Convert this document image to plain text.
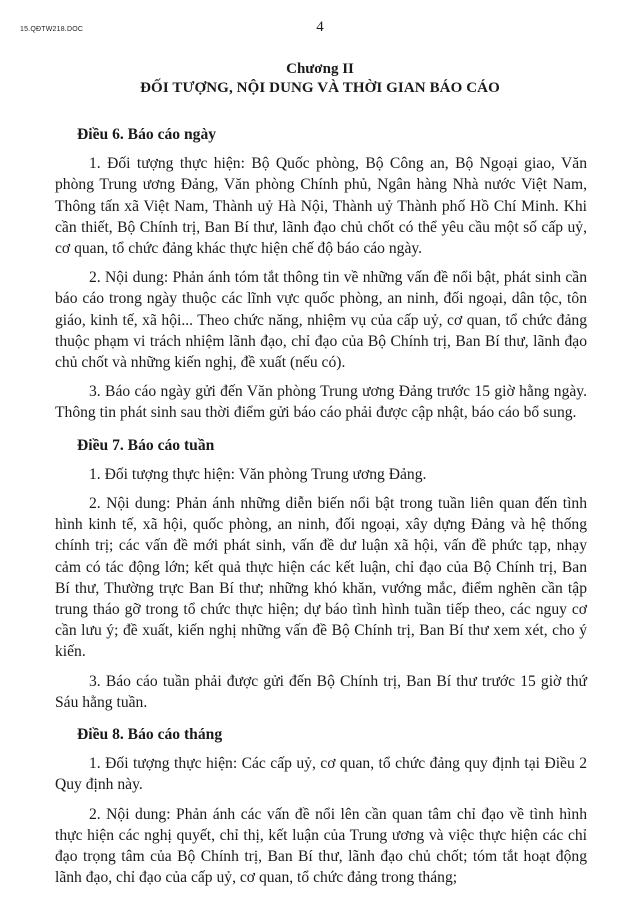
15.QĐTW218.DOC	4
Chương II
ĐỐI TƯỢNG, NỘI DUNG VÀ THỜI GIAN BÁO CÁO

Điều 6. Báo cáo ngày

1. Đối tượng thực hiện: Bộ Quốc phòng, Bộ Công an, Bộ Ngoại giao, Văn phòng Trung ương Đảng, Văn phòng Chính phủ, Ngân hàng Nhà nước Việt Nam, Thông tấn xã Việt Nam, Thành uỷ Hà Nội, Thành uỷ Thành phố Hồ Chí Minh. Khi cần thiết, Bộ Chính trị, Ban Bí thư, lãnh đạo chủ chốt có thể yêu cầu một số cấp uỷ, cơ quan, tổ chức đảng khác thực hiện chế độ báo cáo ngày.

2. Nội dung: Phản ánh tóm tắt thông tin về những vấn đề nổi bật, phát sinh cần báo cáo trong ngày thuộc các lĩnh vực quốc phòng, an ninh, đối ngoại, dân tộc, tôn giáo, kinh tế, xã hội... Theo chức năng, nhiệm vụ của cấp uỷ, cơ quan, tổ chức đảng thuộc phạm vi trách nhiệm lãnh đạo, chỉ đạo của Bộ Chính trị, Ban Bí thư, lãnh đạo chủ chốt và những kiến nghị, đề xuất (nếu có).

3. Báo cáo ngày gửi đến Văn phòng Trung ương Đảng trước 15 giờ hằng ngày. Thông tin phát sinh sau thời điểm gửi báo cáo phải được cập nhật, báo cáo bổ sung.

Điều 7. Báo cáo tuần

1. Đối tượng thực hiện: Văn phòng Trung ương Đảng.

2. Nội dung: Phản ánh những diễn biến nổi bật trong tuần liên quan đến tình hình kinh tế, xã hội, quốc phòng, an ninh, đối ngoại, xây dựng Đảng và hệ thống chính trị; các vấn đề mới phát sinh, vấn đề dư luận xã hội, vấn đề phức tạp, nhạy cảm có tác động lớn; kết quả thực hiện các kết luận, chỉ đạo của Bộ Chính trị, Ban Bí thư, Thường trực Ban Bí thư; những khó khăn, vướng mắc, điểm nghẽn cần tập trung tháo gỡ trong tổ chức thực hiện; dự báo tình hình tuần tiếp theo, các nguy cơ cần lưu ý; đề xuất, kiến nghị những vấn đề Bộ Chính trị, Ban Bí thư xem xét, cho ý kiến.

3. Báo cáo tuần phải được gửi đến Bộ Chính trị, Ban Bí thư trước 15 giờ thứ Sáu hằng tuần.

Điều 8. Báo cáo tháng

1. Đối tượng thực hiện: Các cấp uỷ, cơ quan, tổ chức đảng quy định tại Điều 2 Quy định này.

2. Nội dung: Phản ánh các vấn đề nổi lên cần quan tâm chỉ đạo về tình hình thực hiện các nghị quyết, chỉ thị, kết luận của Trung ương và việc thực hiện các chỉ đạo trọng tâm của Bộ Chính trị, Ban Bí thư, lãnh đạo chủ chốt; tóm tắt hoạt động lãnh đạo, chỉ đạo của cấp uỷ, cơ quan, tổ chức đảng trong tháng;
